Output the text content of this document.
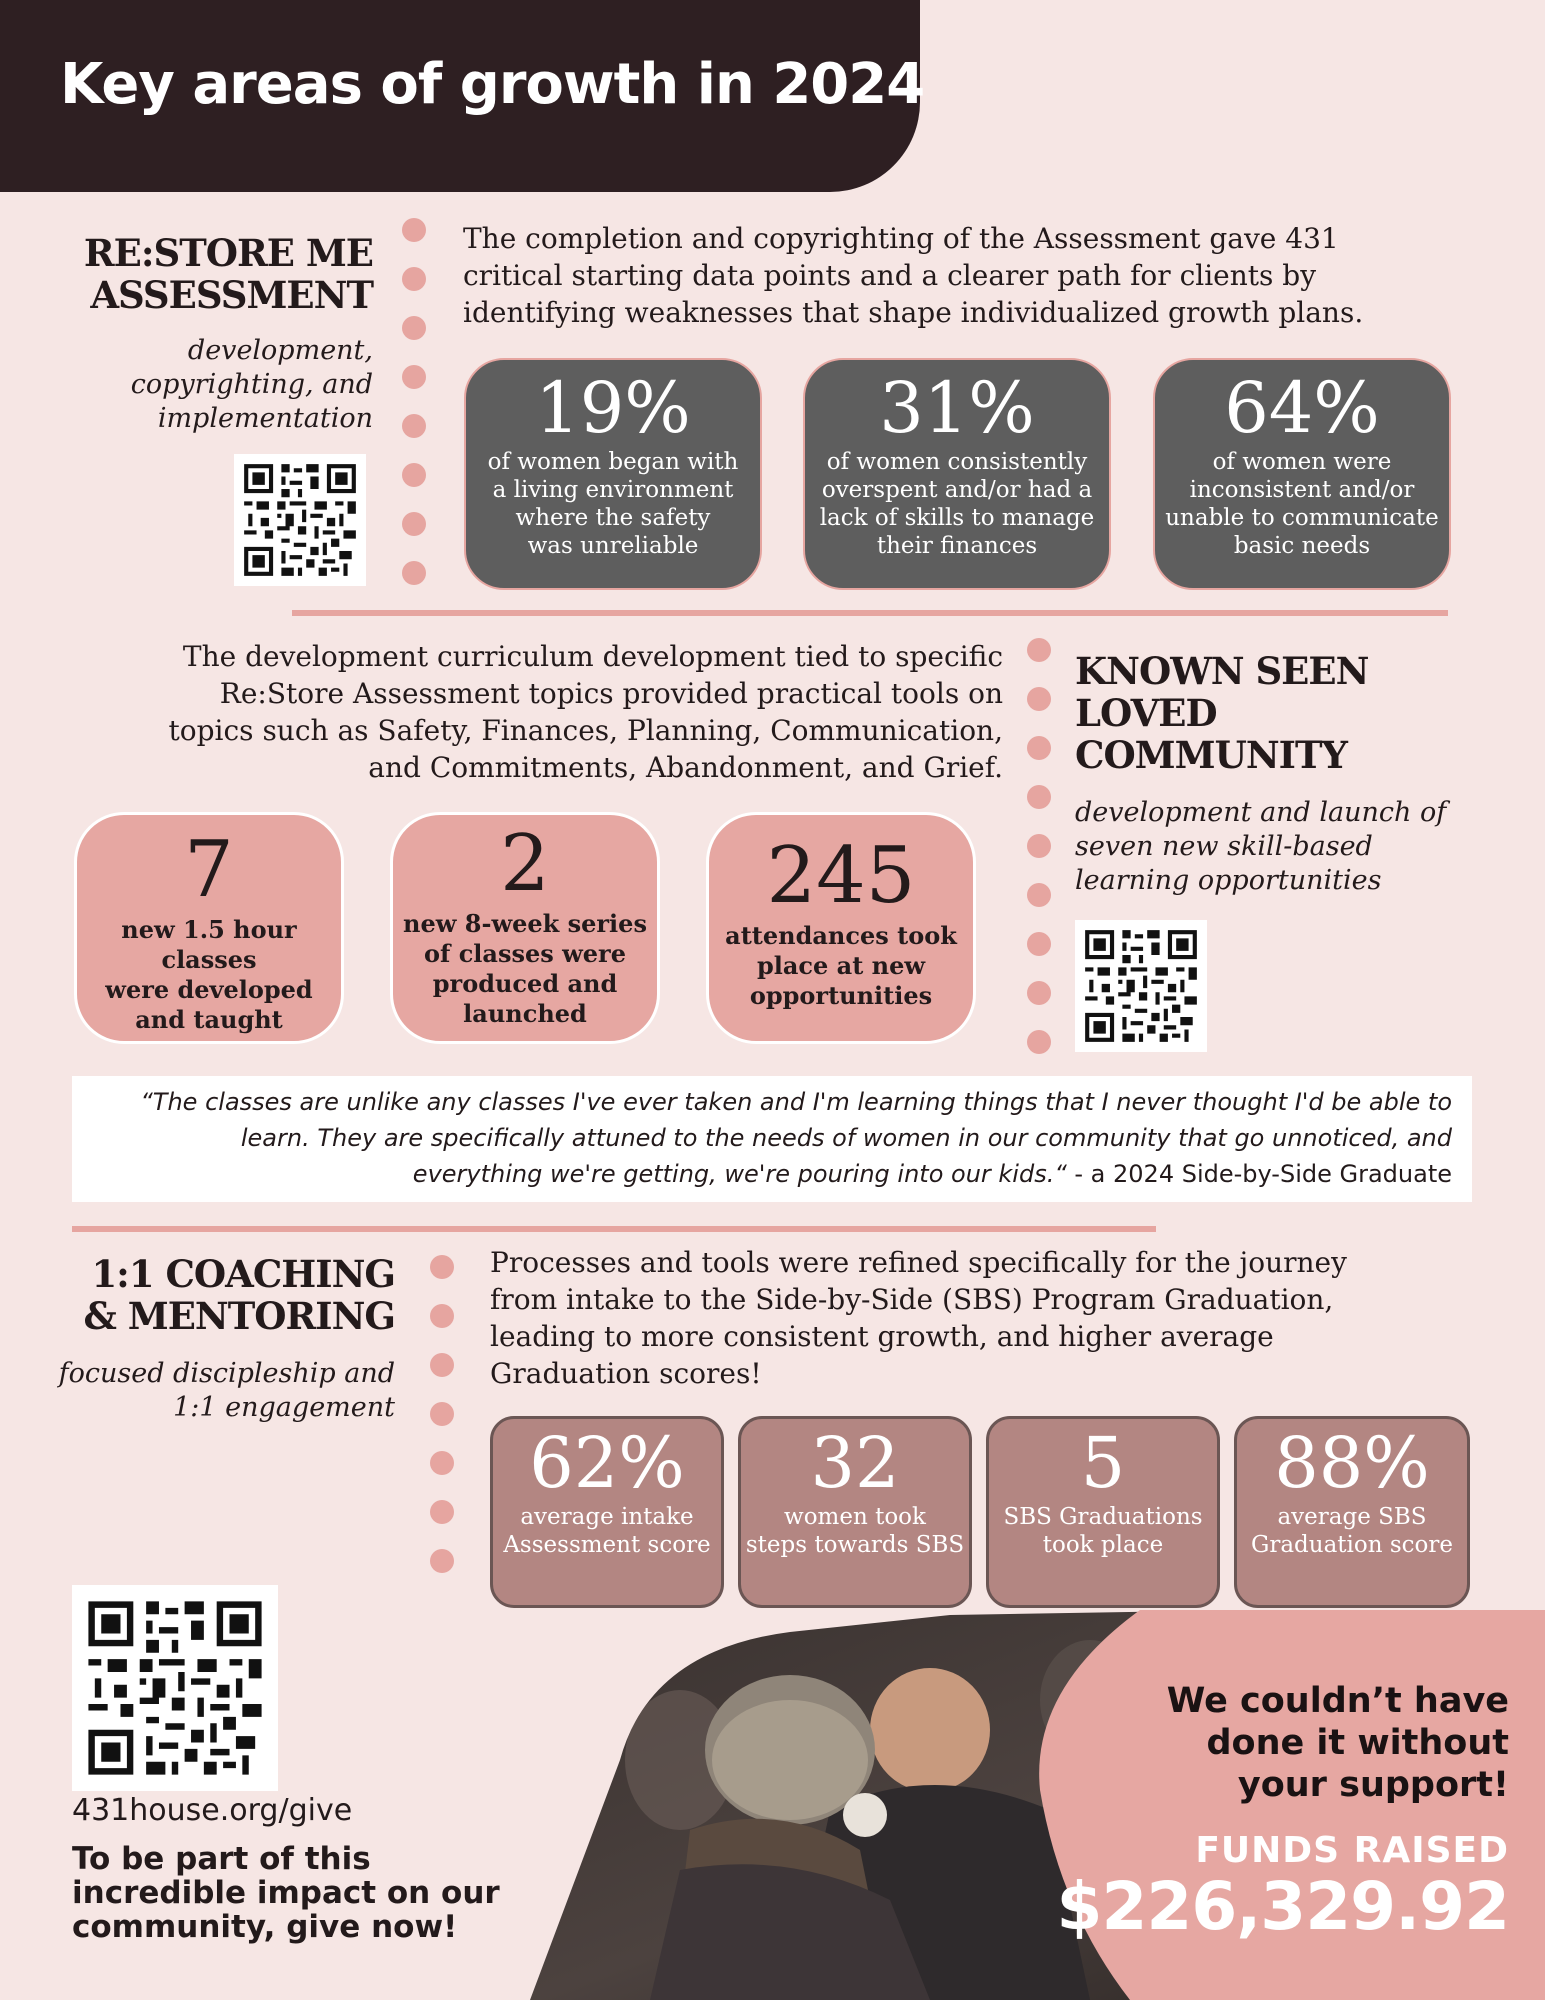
Key areas of growth in 2024
RE:STORE ME
ASSESSMENT
development,
copyrighting, and
implementation
The completion and copyrighting of the Assessment gave 431
critical starting data points and a clearer path for clients by
identifying weaknesses that shape individualized growth plans.
19%
of women began with
a living environment
where the safety
was unreliable
31%
of women consistently
overspent and/or had a
lack of skills to manage
their finances
64%
of women were
inconsistent and/or
unable to communicate
basic needs
The development curriculum development tied to specific
Re:Store Assessment topics provided practical tools on
topics such as Safety, Finances, Planning, Communication,
and Commitments, Abandonment, and Grief.
KNOWN SEEN
LOVED
COMMUNITY
development and launch of
seven new skill-based
learning opportunities
7
new 1.5 hour classes
were developed
and taught
2
new 8-week series
of classes were
produced and
launched
245
attendances took
place at new
opportunities
“The classes are unlike any classes I've ever taken and I'm learning things that I never thought I'd be able to
learn. They are specifically attuned to the needs of women in our community that go unnoticed, and
everything we're getting, we're pouring into our kids.“ - a 2024 Side-by-Side Graduate
1:1 COACHING
& MENTORING
focused discipleship and
1:1 engagement
Processes and tools were refined specifically for the journey
from intake to the Side-by-Side (SBS) Program Graduation,
leading to more consistent growth, and higher average
Graduation scores!
62%
average intake
Assessment score
32
women took
steps towards SBS
5
SBS Graduations
took place
88%
average SBS
Graduation score
431house.org/give
To be part of this
incredible impact on our
community, give now!
We couldn’t have
done it without
your support!
FUNDS RAISED
$226,329.92
